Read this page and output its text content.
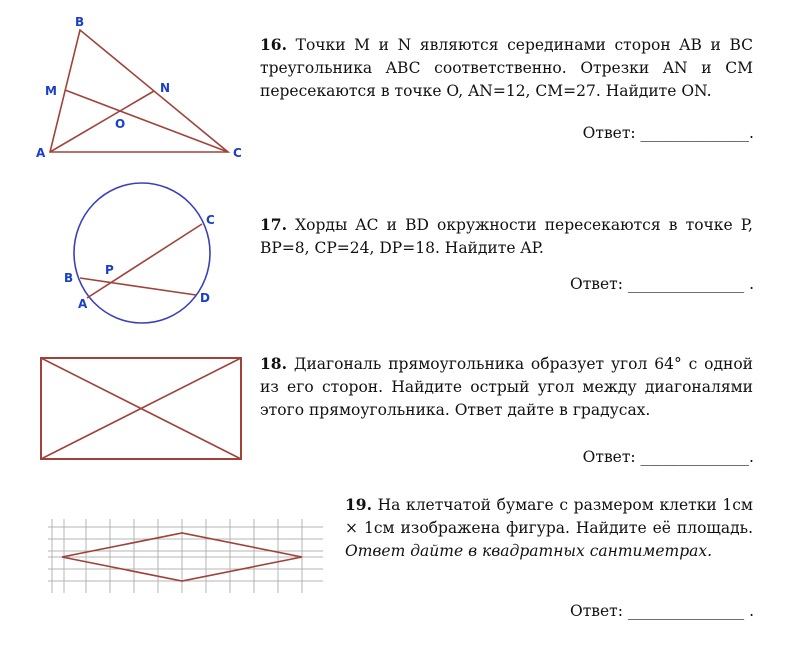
B
M	N
O
A	C
16. Точки M и N являются серединами сторон AB и BC треугольника ABC соответственно. Отрезки AN и CM пересекаются в точке O, AN=12, CM=27. Найдите ON.
Ответ: ______________.
C
P
B
D
A
17. Хорды AC и BD окружности пересекаются в точке P, BP=8, CP=24, DP=18. Найдите AP.
Ответ: _______________ .
18. Диагональ прямоугольника образует угол 64° с одной из его сторон. Найдите острый угол между диагоналями этого прямоугольника. Ответ дайте в градусах.
Ответ: ______________.
19. На клетчатой бумаге с размером клетки 1см × 1см изображена фигура. Найдите её площадь. Ответ дайте в квадратных сантиметрах.
Ответ: _______________ .
